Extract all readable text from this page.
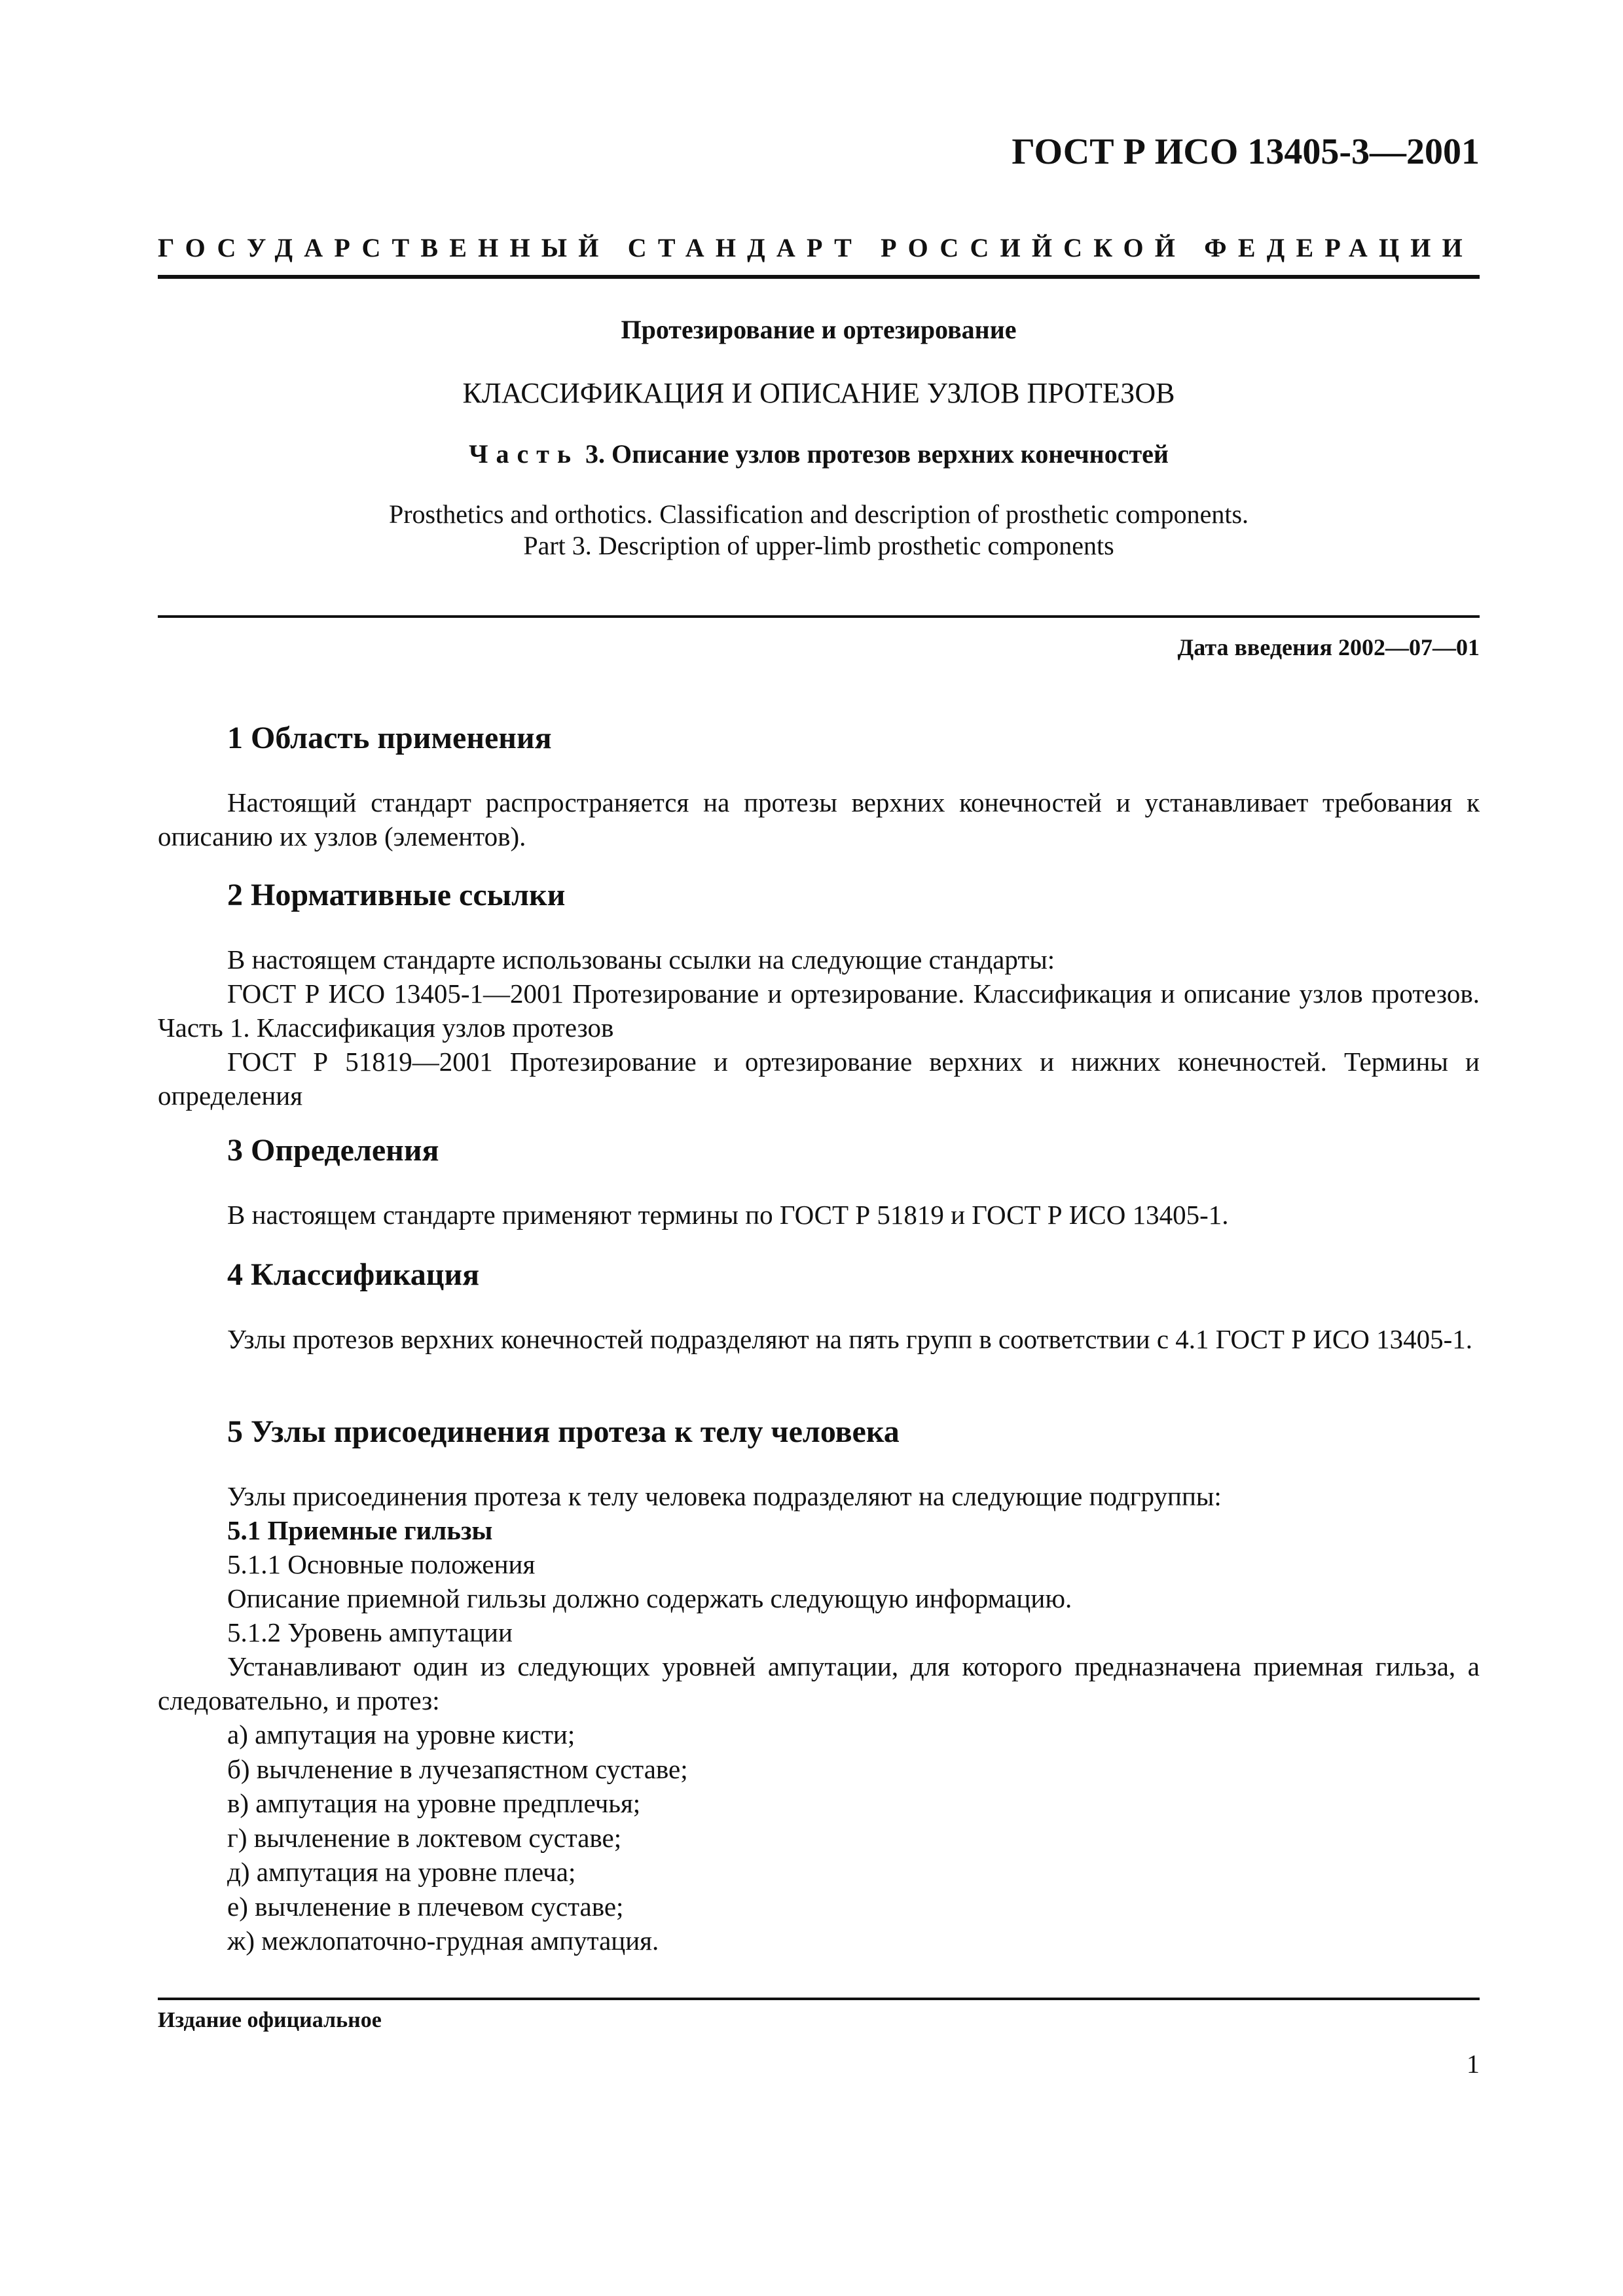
ГОСТ Р ИСО 13405-3—2001
ГОСУДАРСТВЕННЫЙ СТАНДАРТ РОССИЙСКОЙ ФЕДЕРАЦИИ

Протезирование и ортезирование

КЛАССИФИКАЦИЯ И ОПИСАНИЕ УЗЛОВ ПРОТЕЗОВ

Часть 3. Описание узлов протезов верхних конечностей

Prosthetics and orthotics. Classification and description of prosthetic components.
Part 3. Description of upper-limb prosthetic components

Дата введения 2002—07—01
1 Область применения

Настоящий стандарт распространяется на протезы верхних конечностей и устанавливает требования к описанию их узлов (элементов).

2 Нормативные ссылки

В настоящем стандарте использованы ссылки на следующие стандарты:

ГОСТ Р ИСО 13405-1—2001 Протезирование и ортезирование. Классификация и описание узлов протезов. Часть 1. Классификация узлов протезов

ГОСТ Р 51819—2001 Протезирование и ортезирование верхних и нижних конечностей. Термины и определения

3 Определения

В настоящем стандарте применяют термины по ГОСТ Р 51819 и ГОСТ Р ИСО 13405-1.

4 Классификация

Узлы протезов верхних конечностей подразделяют на пять групп в соответствии с 4.1 ГОСТ Р ИСО 13405-1.

5 Узлы присоединения протеза к телу человека

Узлы присоединения протеза к телу человека подразделяют на следующие подгруппы:

5.1 Приемные гильзы

5.1.1 Основные положения

Описание приемной гильзы должно содержать следующую информацию.

5.1.2 Уровень ампутации

Устанавливают один из следующих уровней ампутации, для которого предназначена приемная гильза, а следовательно, и протез:

а) ампутация на уровне кисти;
б) вычленение в лучезапястном суставе;
в) ампутация на уровне предплечья;
г) вычленение в локтевом суставе;
д) ампутация на уровне плеча;
е) вычленение в плечевом суставе;
ж) межлопаточно-грудная ампутация.

Издание официальное

1
